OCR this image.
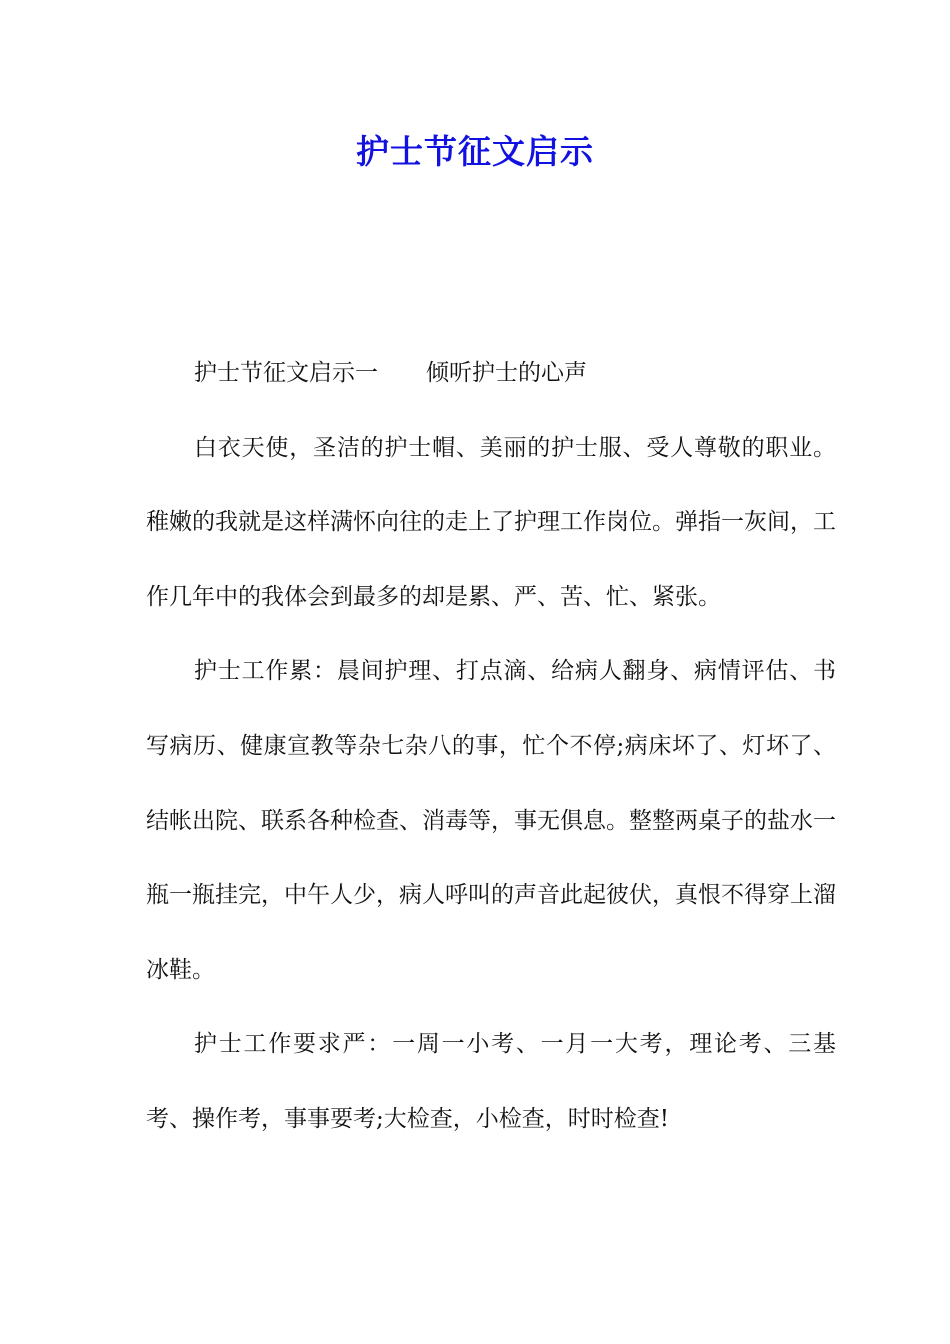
护士节征文启示

护士节征文启示一 倾听护士的心声

白衣天使，圣洁的护士帽、美丽的护士服、受人尊敬的职业。稚嫩的我就是这样满怀向往的走上了护理工作岗位。弹指一灰间，工作几年中的我体会到最多的却是累、严、苦、忙、紧张。

护士工作累：晨间护理、打点滴、给病人翻身、病情评估、书写病历、健康宣教等杂七杂八的事，忙个不停;病床坏了、灯坏了、结帐出院、联系各种检查、消毒等，事无俱息。整整两桌子的盐水一瓶一瓶挂完，中午人少，病人呼叫的声音此起彼伏，真恨不得穿上溜冰鞋。

护士工作要求严：一周一小考、一月一大考，理论考、三基考、操作考，事事要考;大检查，小检查，时时检查!
